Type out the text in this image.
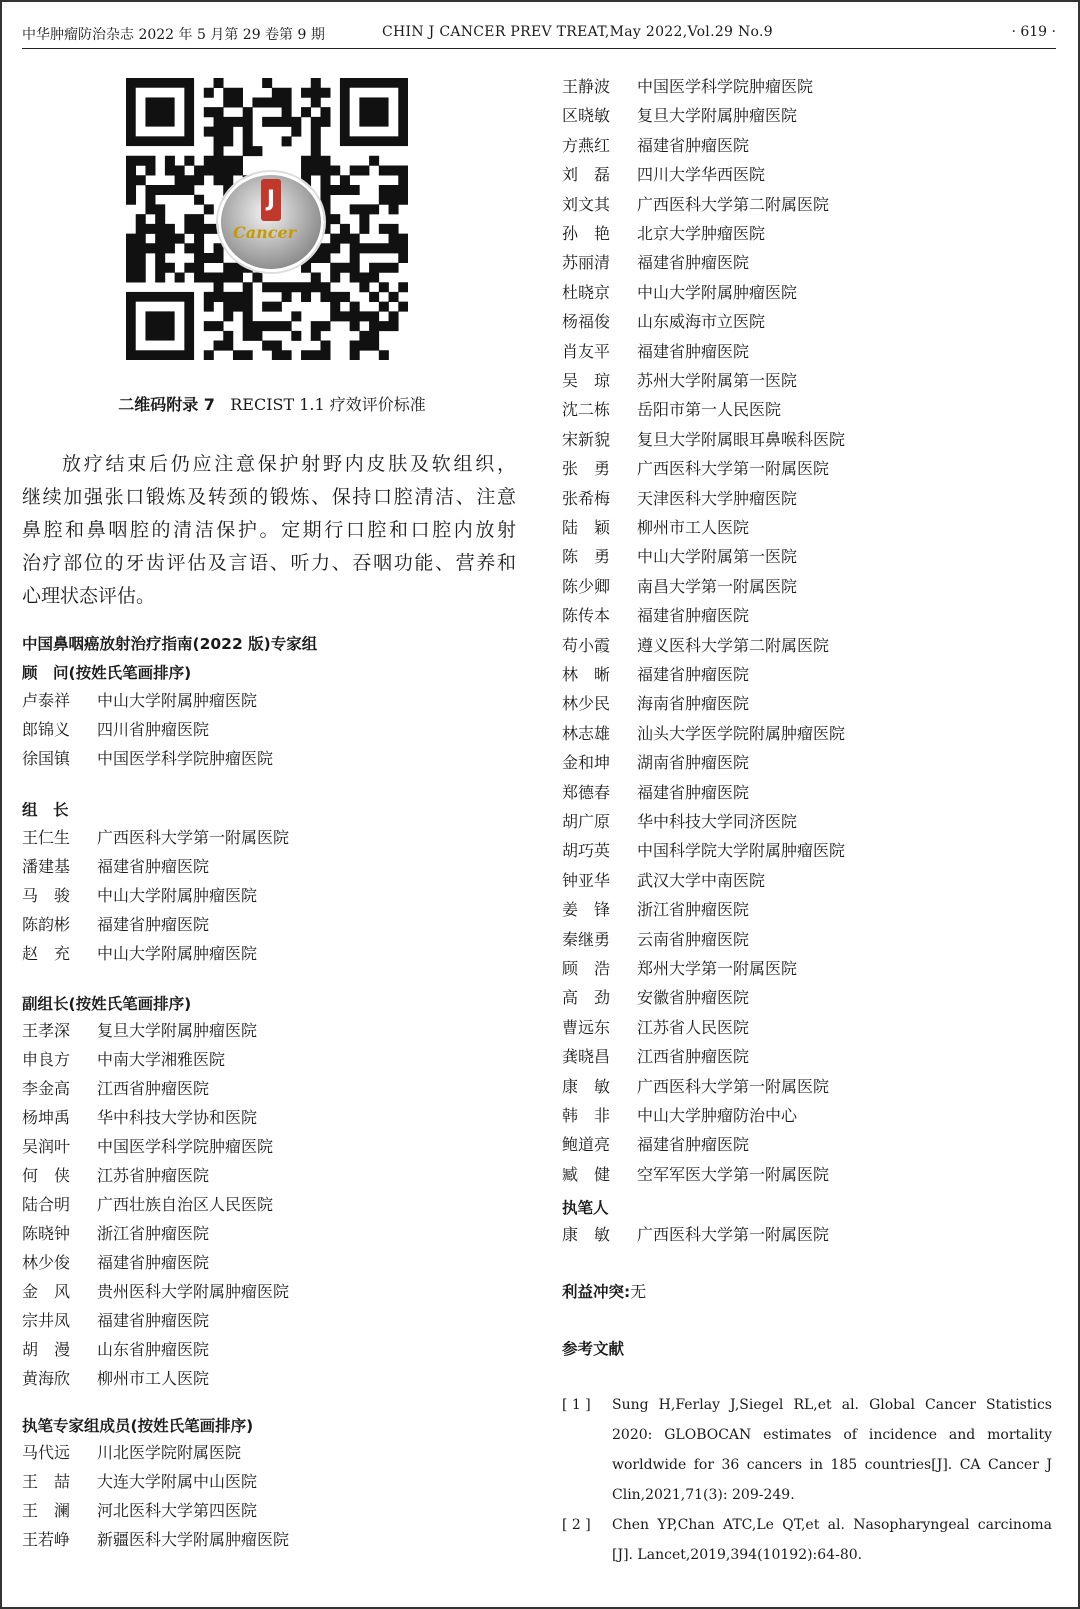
中华肿瘤防治杂志 2022 年 5 月第 29 卷第 9 期	CHIN J CANCER PREV TREAT,May 2022,Vol.29 No.9	· 619 ·
J
Cancer
二维码附录 7 RECIST 1.1 疗效评价标准
放疗结束后仍应注意保护射野内皮肤及软组织，
继续加强张口锻炼及转颈的锻炼、保持口腔清洁、注意
鼻腔和鼻咽腔的清洁保护。定期行口腔和口腔内放射
治疗部位的牙齿评估及言语、听力、吞咽功能、营养和
心理状态评估。
中国鼻咽癌放射治疗指南(2022 版)专家组
顾　问(按姓氏笔画排序)
卢泰祥	中山大学附属肿瘤医院
郎锦义	四川省肿瘤医院
徐国镇	中国医学科学院肿瘤医院
组　长
王仁生	广西医科大学第一附属医院
潘建基	福建省肿瘤医院
马　骏	中山大学附属肿瘤医院
陈韵彬	福建省肿瘤医院
赵　充	中山大学附属肿瘤医院
副组长(按姓氏笔画排序)
王孝深	复旦大学附属肿瘤医院
申良方	中南大学湘雅医院
李金高	江西省肿瘤医院
杨坤禹	华中科技大学协和医院
吴润叶	中国医学科学院肿瘤医院
何　侠	江苏省肿瘤医院
陆合明	广西壮族自治区人民医院
陈晓钟	浙江省肿瘤医院
林少俊	福建省肿瘤医院
金　风	贵州医科大学附属肿瘤医院
宗井凤	福建省肿瘤医院
胡　漫	山东省肿瘤医院
黄海欣	柳州市工人医院
执笔专家组成员(按姓氏笔画排序)
马代远	川北医学院附属医院
王　喆	大连大学附属中山医院
王　澜	河北医科大学第四医院
王若峥	新疆医科大学附属肿瘤医院
王静波	中国医学科学院肿瘤医院
区晓敏	复旦大学附属肿瘤医院
方燕红	福建省肿瘤医院
刘　磊	四川大学华西医院
刘文其	广西医科大学第二附属医院
孙　艳	北京大学肿瘤医院
苏丽清	福建省肿瘤医院
杜晓京	中山大学附属肿瘤医院
杨福俊	山东威海市立医院
肖友平	福建省肿瘤医院
吴　琼	苏州大学附属第一医院
沈二栋	岳阳市第一人民医院
宋新貌	复旦大学附属眼耳鼻喉科医院
张　勇	广西医科大学第一附属医院
张希梅	天津医科大学肿瘤医院
陆　颖	柳州市工人医院
陈　勇	中山大学附属第一医院
陈少卿	南昌大学第一附属医院
陈传本	福建省肿瘤医院
苟小霞	遵义医科大学第二附属医院
林　晰	福建省肿瘤医院
林少民	海南省肿瘤医院
林志雄	汕头大学医学院附属肿瘤医院
金和坤	湖南省肿瘤医院
郑德春	福建省肿瘤医院
胡广原	华中科技大学同济医院
胡巧英	中国科学院大学附属肿瘤医院
钟亚华	武汉大学中南医院
姜　锋	浙江省肿瘤医院
秦继勇	云南省肿瘤医院
顾　浩	郑州大学第一附属医院
高　劲	安徽省肿瘤医院
曹远东	江苏省人民医院
龚晓昌	江西省肿瘤医院
康　敏	广西医科大学第一附属医院
韩　非	中山大学肿瘤防治中心
鲍道亮	福建省肿瘤医院
臧　健	空军军医大学第一附属医院
执笔人
康　敏	广西医科大学第一附属医院
利益冲突:无
参考文献
[ 1 ] Sung H,Ferlay J,Siegel RL,et al. Global Cancer Statistics 2020: GLOBOCAN estimates of incidence and mortality worldwide for 36 cancers in 185 countries[J]. CA Cancer J Clin,2021,71(3): 209-249.
[ 2 ] Chen YP,Chan ATC,Le QT,et al. Nasopharyngeal carcinoma [J]. Lancet,2019,394(10192):64-80.
